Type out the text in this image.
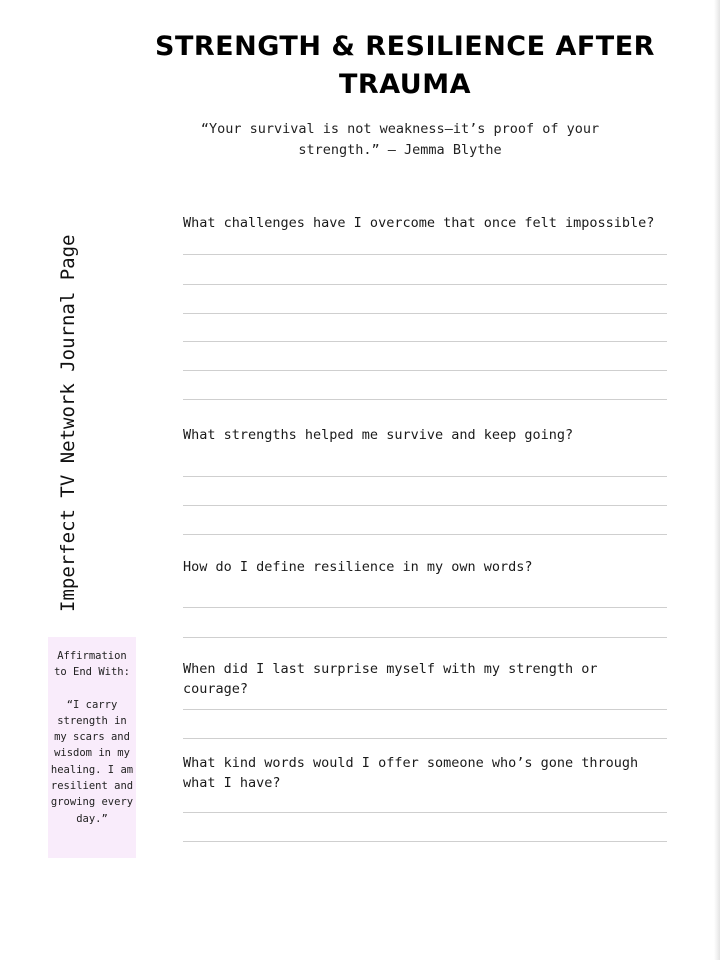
STRENGTH & RESILIENCE AFTER TRAUMA
“Your survival is not weakness—it’s proof of your strength.” — Jemma Blythe
Imperfect TV Network Journal Page
Affirmation to End With:
“I carry strength in my scars and wisdom in my healing. I am resilient and growing every day.”
What challenges have I overcome that once felt impossible?
What strengths helped me survive and keep going?
How do I define resilience in my own words?
When did I last surprise myself with my strength or courage?
What kind words would I offer someone who’s gone through what I have?
